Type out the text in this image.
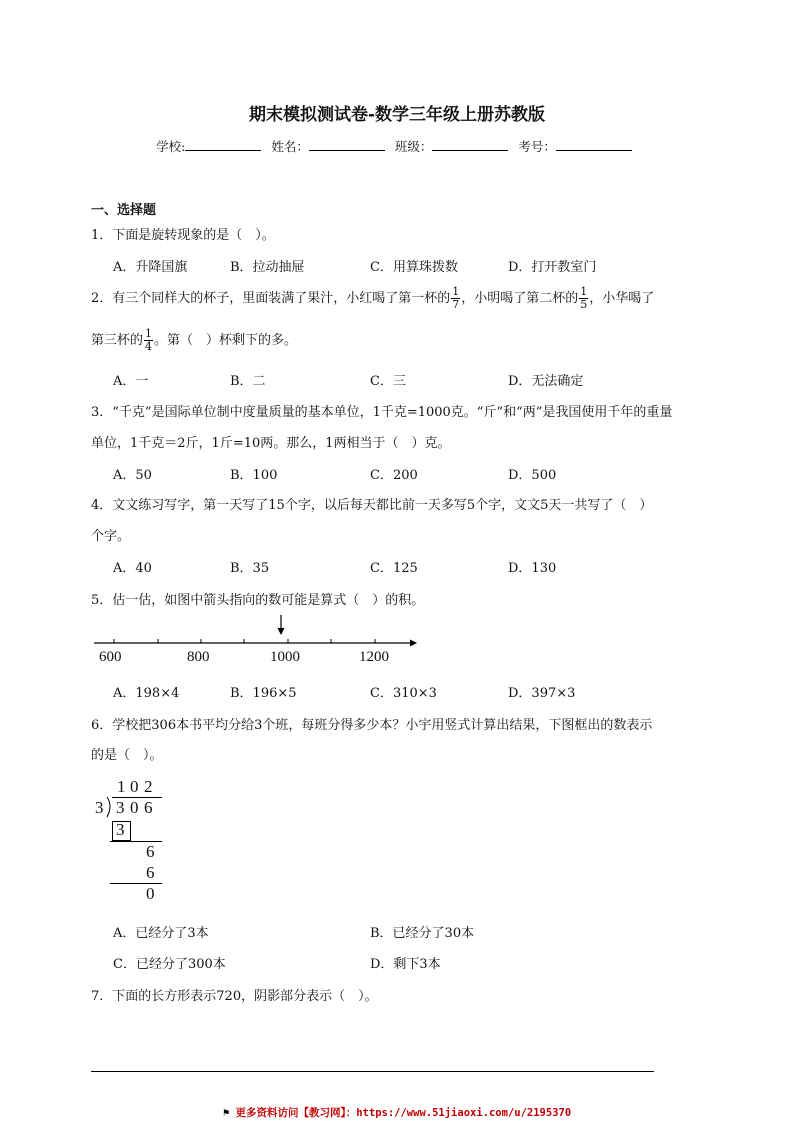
期末模拟测试卷-数学三年级上册苏教版
学校:	姓名：	班级：	考号：
一、选择题
1．下面是旋转现象的是（　）。
A．升降国旗	B．拉动抽屉	C．用算珠拨数	D．打开教室门
2．有三个同样大的杯子，里面装满了果汁，小红喝了第一杯的 $\frac{1}{7}$ ，小明喝了第二杯的 $\frac{1}{5}$ ，小华喝了
第三杯的 $\frac{1}{4}$ 。第（　）杯剩下的多。
A．一	B．二	C．三	D．无法确定
3．“千克”是国际单位制中度量质量的基本单位，1千克=1000克。“斤”和“两”是我国使用千年的重量
单位，1千克＝2斤，1斤=10两。那么，1两相当于（　）克。
A．50	B．100	C．200	D．500
4．文文练习写字，第一天写了15个字，以后每天都比前一天多写5个字，文文5天一共写了（　）
个字。
A．40	B．35	C．125	D．130
5．估一估，如图中箭头指向的数可能是算式（　）的积。
600	800	1000	1200
A．198×4	B．196×5	C．310×3	D．397×3
6．学校把306本书平均分给3个班，每班分得多少本？小宇用竖式计算出结果，下图框出的数表示
的是（　）。
1 0 2
3 3 0 6
3
6
6
0
A．已经分了3本	B．已经分了30本
C．已经分了300本	D．剩下3本
7．下面的长方形表示720，阴影部分表示（　）。
⚑ 更多资料访问【教习网】：https://www.51jiaoxi.com/u/2195370
